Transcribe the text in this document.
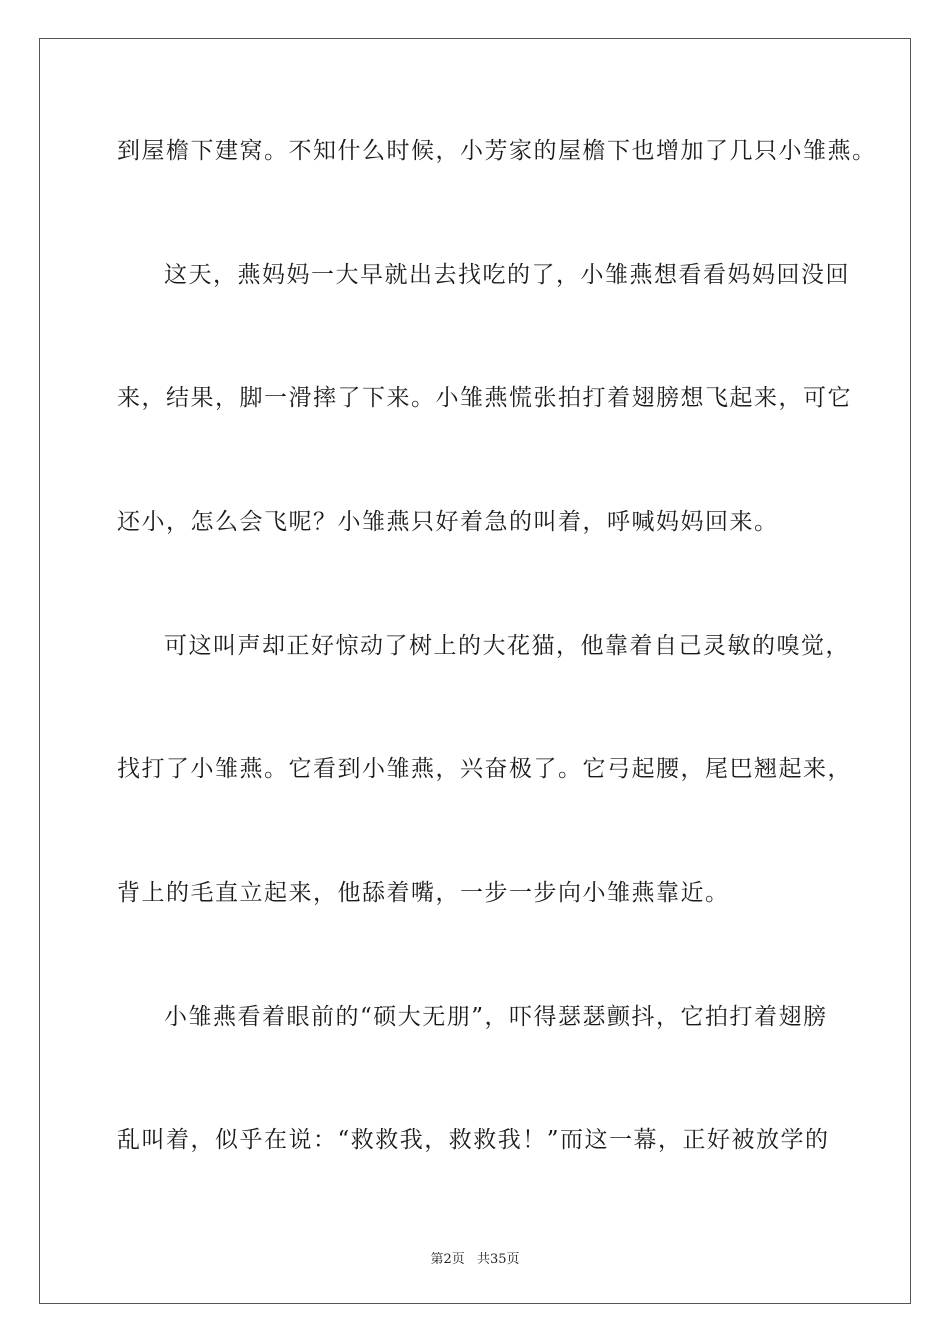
到屋檐下建窝。不知什么时候，小芳家的屋檐下也增加了几只小雏燕。
这天，燕妈妈一大早就出去找吃的了，小雏燕想看看妈妈回没回
来，结果，脚一滑摔了下来。小雏燕慌张拍打着翅膀想飞起来，可它
还小，怎么会飞呢？小雏燕只好着急的叫着，呼喊妈妈回来。
可这叫声却正好惊动了树上的大花猫，他靠着自己灵敏的嗅觉，
找打了小雏燕。它看到小雏燕，兴奋极了。它弓起腰，尾巴翘起来，
背上的毛直立起来，他舔着嘴，一步一步向小雏燕靠近。
小雏燕看着眼前的“硕大无朋”，吓得瑟瑟颤抖，它拍打着翅膀
乱叫着，似乎在说：“救救我，救救我！”而这一幕，正好被放学的
第2页 共35页
